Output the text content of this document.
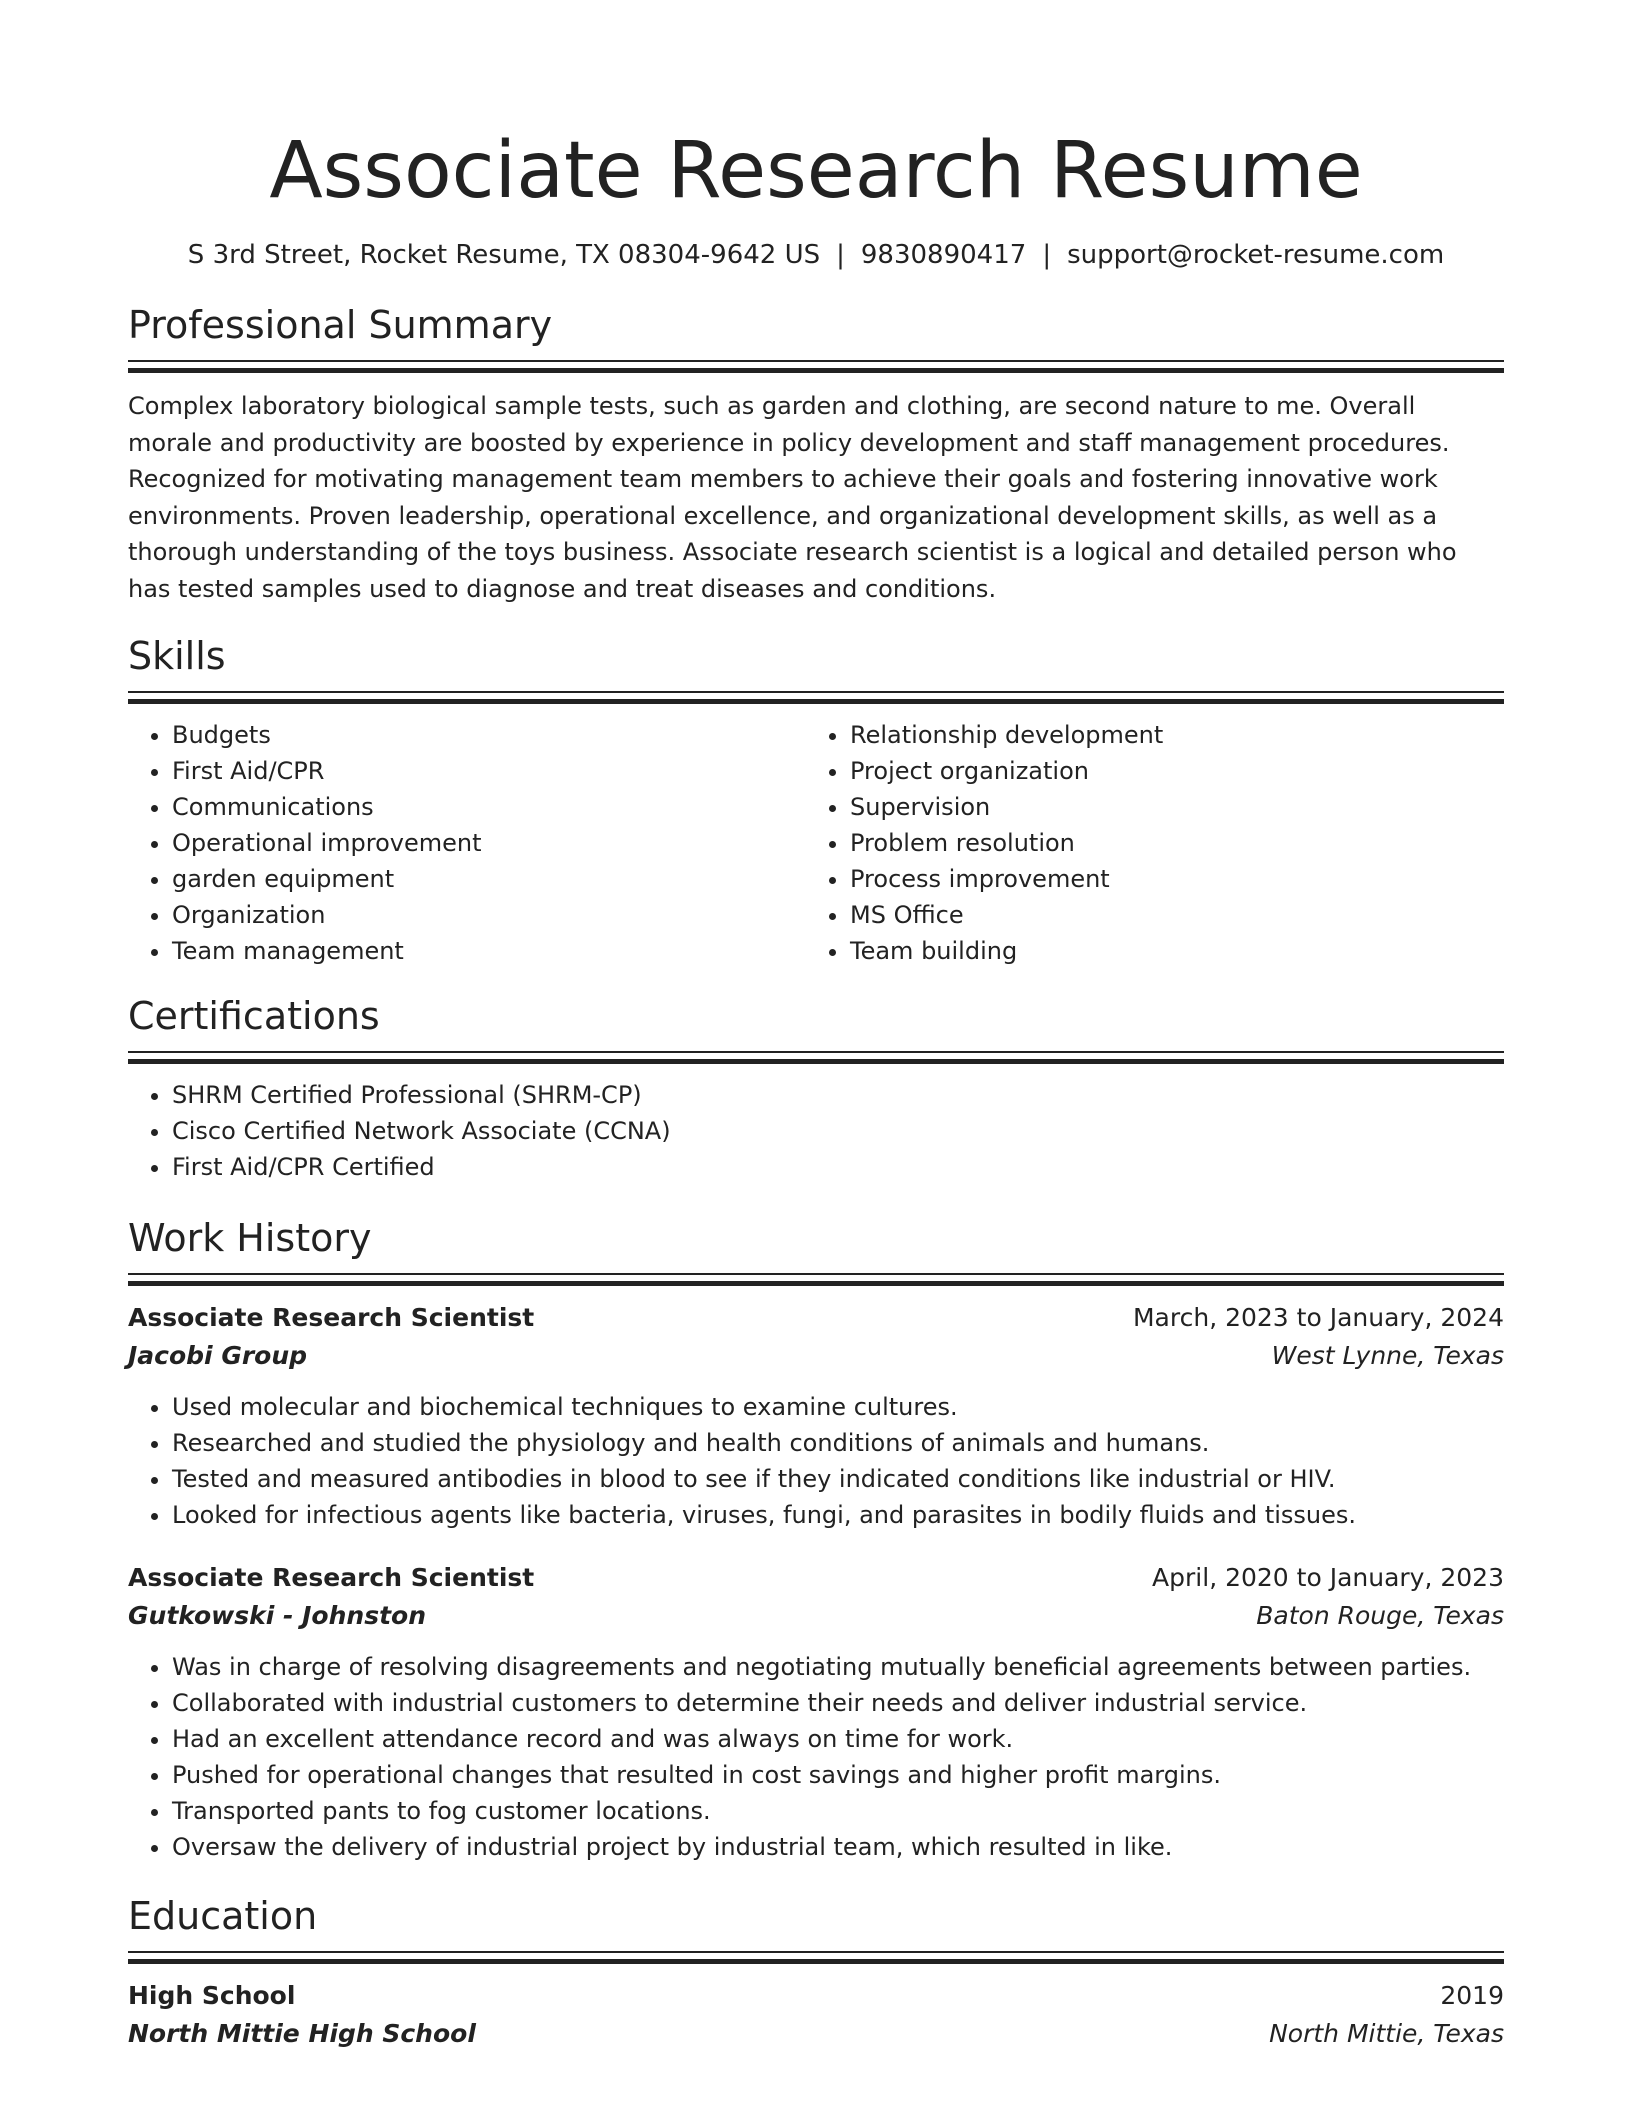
Associate Research Resume
S 3rd Street, Rocket Resume, TX 08304-9642 US | 9830890417 | support@rocket-resume.com
Professional Summary
Complex laboratory biological sample tests, such as garden and clothing, are second nature to me. Overall morale and productivity are boosted by experience in policy development and staff management procedures. Recognized for motivating management team members to achieve their goals and fostering innovative work environments. Proven leadership, operational excellence, and organizational development skills, as well as a thorough understanding of the toys business. Associate research scientist is a logical and detailed person who has tested samples used to diagnose and treat diseases and conditions.
Skills
• Budgets
• First Aid/CPR
• Communications
• Operational improvement
• garden equipment
• Organization
• Team management
• Relationship development
• Project organization
• Supervision
• Problem resolution
• Process improvement
• MS Office
• Team building
Certifications
• SHRM Certified Professional (SHRM-CP)
• Cisco Certified Network Associate (CCNA)
• First Aid/CPR Certified
Work History
Associate Research Scientist	March, 2023 to January, 2024
Jacobi Group	West Lynne, Texas
• Used molecular and biochemical techniques to examine cultures.
• Researched and studied the physiology and health conditions of animals and humans.
• Tested and measured antibodies in blood to see if they indicated conditions like industrial or HIV.
• Looked for infectious agents like bacteria, viruses, fungi, and parasites in bodily fluids and tissues.
Associate Research Scientist	April, 2020 to January, 2023
Gutkowski - Johnston	Baton Rouge, Texas
• Was in charge of resolving disagreements and negotiating mutually beneficial agreements between parties.
• Collaborated with industrial customers to determine their needs and deliver industrial service.
• Had an excellent attendance record and was always on time for work.
• Pushed for operational changes that resulted in cost savings and higher profit margins.
• Transported pants to fog customer locations.
• Oversaw the delivery of industrial project by industrial team, which resulted in like.
Education
High School	2019
North Mittie High School	North Mittie, Texas
